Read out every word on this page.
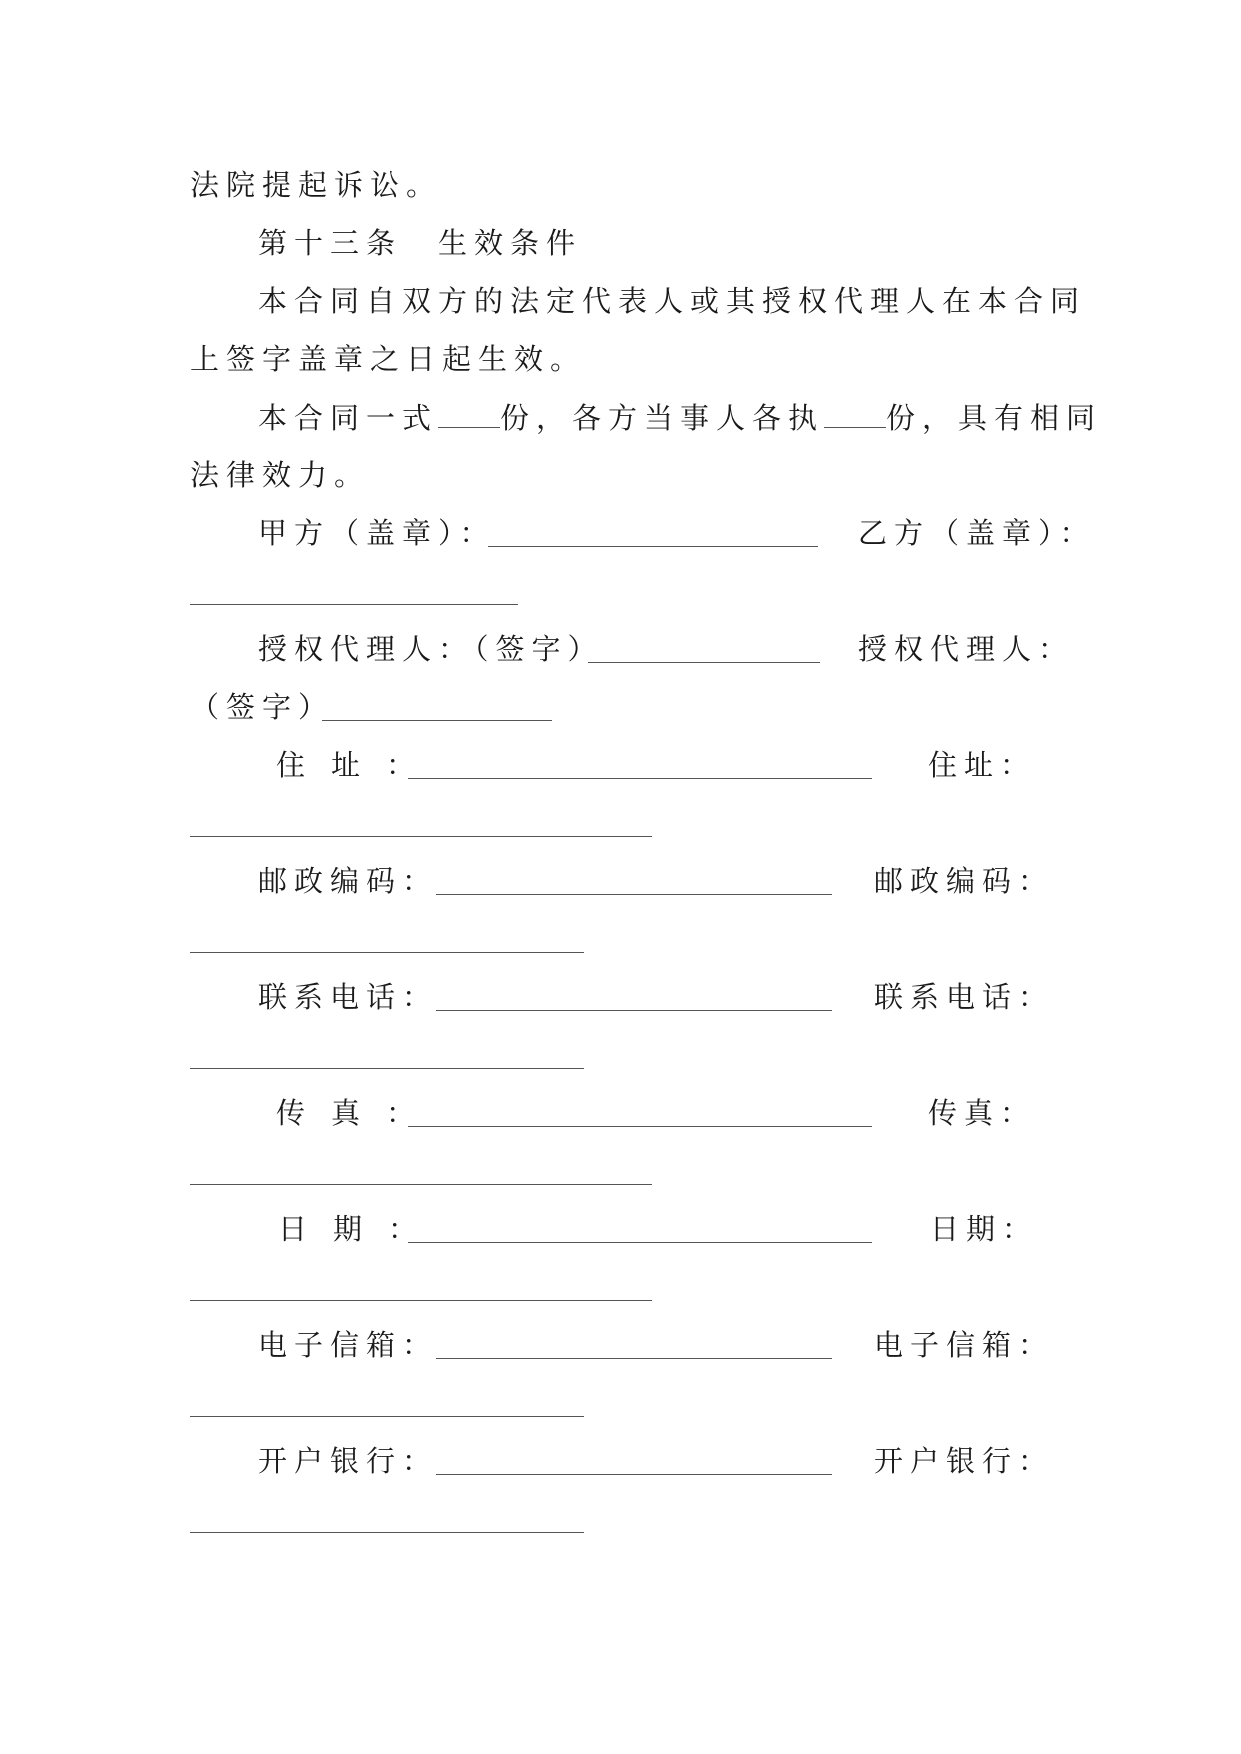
法院提起诉讼。
第十三条　生效条件
本合同自双方的法定代表人或其授权代理人在本合同
上签字盖章之日起生效。
本合同一式 份，各方当事人各执 份，具有相同
法律效力。
甲方（盖章）：	乙方（盖章）：
授权代理人：（签字）	授权代理人：
（签字）
住址：	住址：
邮政编码：	邮政编码：
联系电话：	联系电话：
传真：	传真：
日期：	日期：
电子信箱：	电子信箱：
开户银行：	开户银行：
